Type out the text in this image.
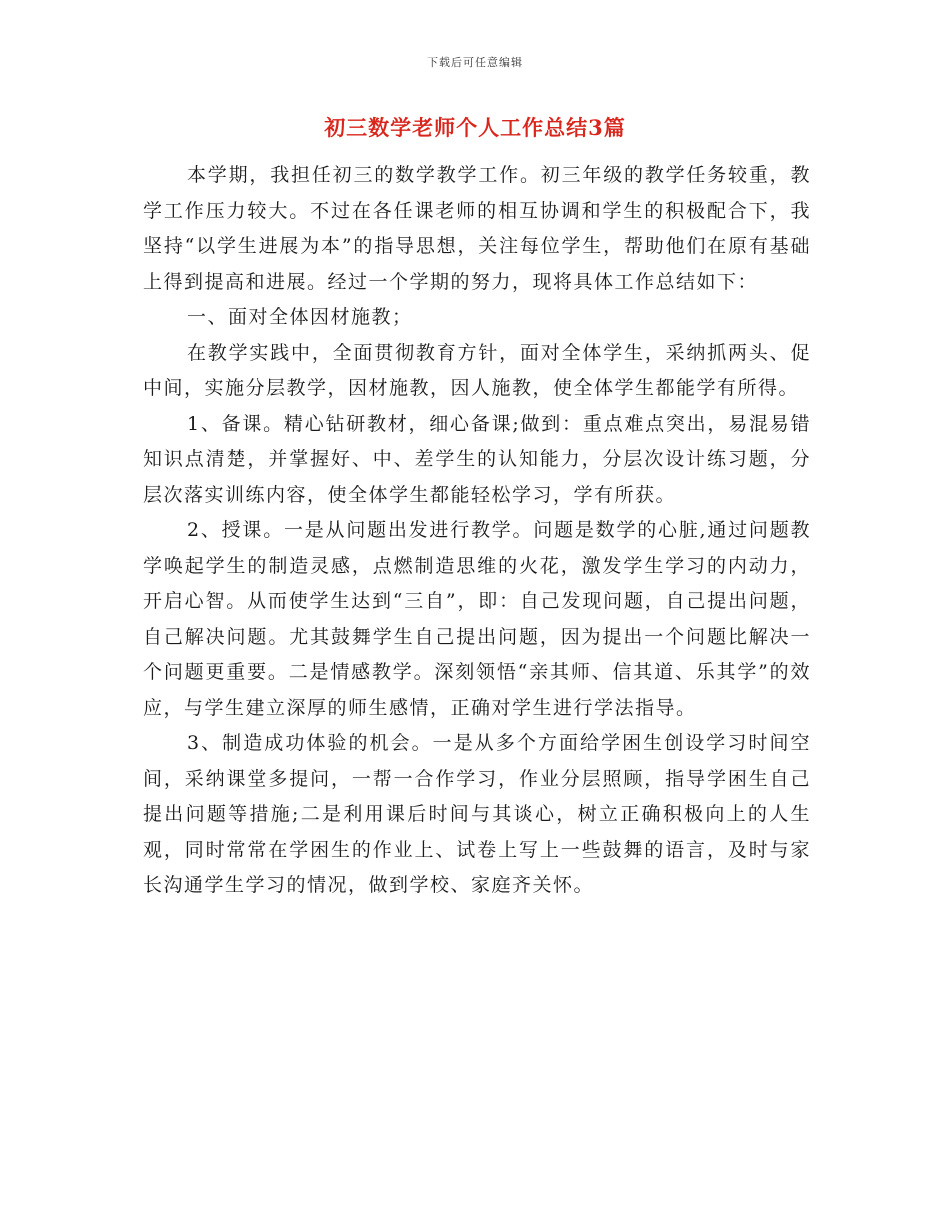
下载后可任意编辑
初三数学老师个人工作总结3篇

本学期，我担任初三的数学教学工作。初三年级的教学任务较重，教学工作压力较大。不过在各任课老师的相互协调和学生的积极配合下，我坚持“以学生进展为本”的指导思想，关注每位学生，帮助他们在原有基础上得到提高和进展。经过一个学期的努力，现将具体工作总结如下：

一、面对全体因材施教；

在教学实践中，全面贯彻教育方针，面对全体学生，采纳抓两头、促中间，实施分层教学，因材施教，因人施教，使全体学生都能学有所得。

1、备课。精心钻研教材，细心备课;做到：重点难点突出，易混易错知识点清楚，并掌握好、中、差学生的认知能力，分层次设计练习题，分层次落实训练内容，使全体学生都能轻松学习，学有所获。

2、授课。一是从问题出发进行教学。问题是数学的心脏,通过问题教学唤起学生的制造灵感，点燃制造思维的火花，激发学生学习的内动力，开启心智。从而使学生达到“三自”，即：自己发现问题，自己提出问题，自己解决问题。尤其鼓舞学生自己提出问题，因为提出一个问题比解决一个问题更重要。二是情感教学。深刻领悟“亲其师、信其道、乐其学”的效应，与学生建立深厚的师生感情，正确对学生进行学法指导。

3、制造成功体验的机会。一是从多个方面给学困生创设学习时间空间，采纳课堂多提问，一帮一合作学习，作业分层照顾，指导学困生自己提出问题等措施;二是利用课后时间与其谈心，树立正确积极向上的人生观，同时常常在学困生的作业上、试卷上写上一些鼓舞的语言，及时与家长沟通学生学习的情况，做到学校、家庭齐关怀。
